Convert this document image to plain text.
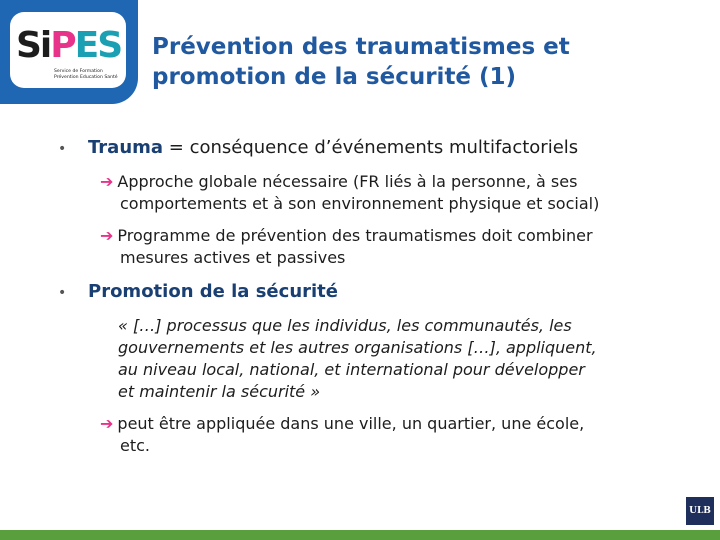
SiPES
Service de Formation
Prévention Education Santé
Prévention des traumatismes et
promotion de la sécurité (1)
• Trauma = conséquence d’événements multifactoriels
➔ Approche globale nécessaire (FR liés à la personne, à ses
comportements et à son environnement physique et social)
➔ Programme de prévention des traumatismes doit combiner
mesures actives et passives
• Promotion de la sécurité
« […] processus que les individus, les communautés, les
gouvernements et les autres organisations […], appliquent,
au niveau local, national, et international pour développer
et maintenir la sécurité »
➔ peut être appliquée dans une ville, un quartier, une école,
etc.
ULB
